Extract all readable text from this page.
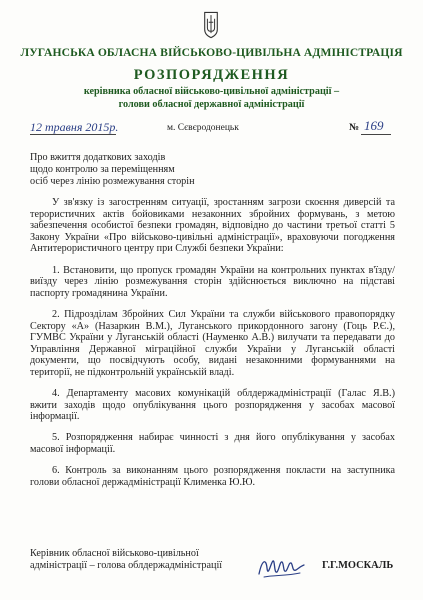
ЛУГАНСЬКА ОБЛАСНА ВІЙСЬКОВО-ЦИВІЛЬНА АДМІНІСТРАЦІЯ
РОЗПОРЯДЖЕННЯ
керівника обласної військово-цивільної адміністрації –
голови обласної державної адміністрації
12 травня 2015р.	м. Сєвєродонецьк	№ 169
Про вжиття додаткових заходів
щодо контролю за переміщенням
осіб через лінію розмежування сторін

У зв'язку із загостренням ситуації, зростанням загрози скоєння диверсій та терористичних актів бойовиками незаконних збройних формувань, з метою забезпечення особистої безпеки громадян, відповідно до частини третьої статті 5 Закону України «Про військово-цивільні адміністрації», враховуючи погодження Антитерористичного центру при Службі безпеки України:

1. Встановити, що пропуск громадян України на контрольних пунктах в'їзду/виїзду через лінію розмежування сторін здійснюється виключно на підставі паспорту громадянина України.

2. Підрозділам Збройних Сил України та служби військового правопорядку Сектору «А» (Назаркин В.М.), Луганського прикордонного загону (Гоць Р.Є.), ГУМВС України у Луганській області (Науменко А.В.) вилучати та передавати до Управління Державної міграційної служби України у Луганській області документи, що посвідчують особу, видані незаконними формуваннями на території, не підконтрольній українській владі.

4. Департаменту масових комунікацій облдержадміністрації (Галас Я.В.) вжити заходів щодо опублікування цього розпорядження у засобах масової інформації.

5. Розпорядження набирає чинності з дня його опублікування у засобах масової інформації.

6. Контроль за виконанням цього розпорядження покласти на заступника голови обласної держадміністрації Клименка Ю.Ю.

Керівник обласної військово-цивільної
адміністрації – голова облдержадміністрації	Г.Г.МОСКАЛЬ
